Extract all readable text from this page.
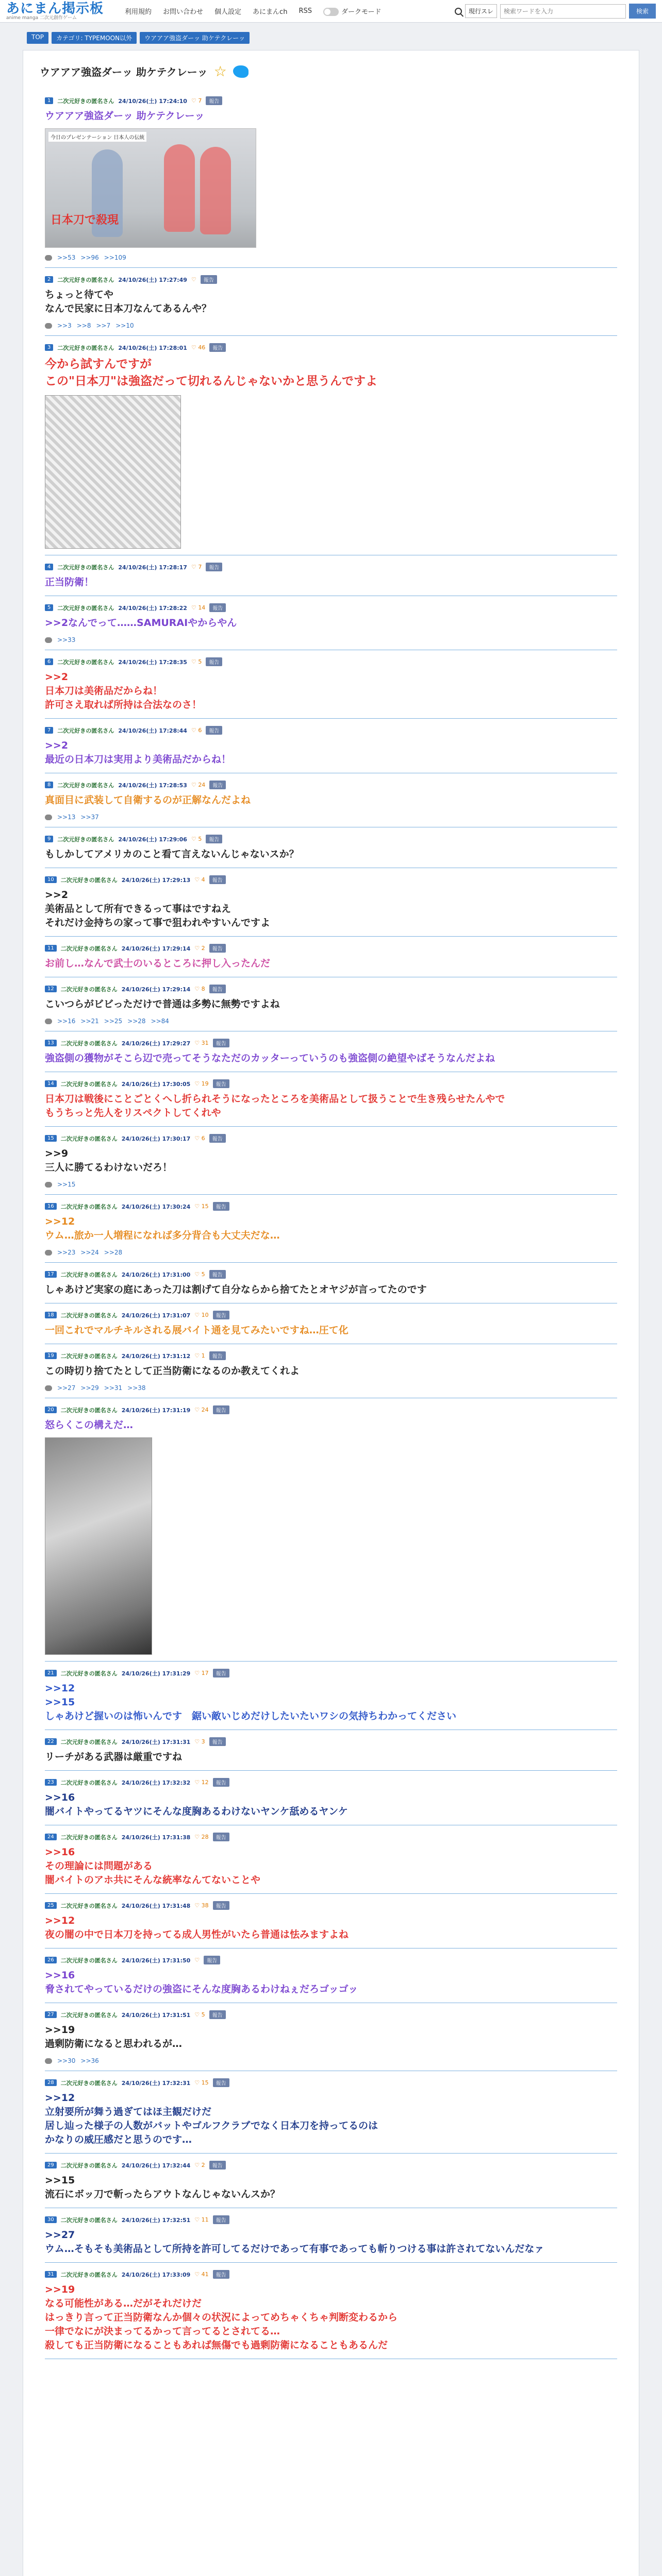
あにまん掲示板
anime manga 二次元創作ゲーム
利用規約 お問い合わせ 個人設定 あにまんch RSS	ダークモード	現行スレ
検索ワードを入力	検索
TOP	カテゴリ: TYPEMOON以外	ウアアア強盗ダーッ 助ケテクレーッ
ウアアア強盗ダーッ 助ケテクレーッ ☆
1	二次元好きの匿名さん 24/10/26(土) 17:24:10 ♡ 7	報告
ウアアア強盗ダーッ 助ケテクレーッ
今日のプレゼンテーション 日本人の伝統
日本刀で殺現
>>53 >>96 >>109
2	二次元好きの匿名さん 24/10/26(土) 17:27:49 ♡	報告
ちょっと待てや
なんで民家に日本刀なんてあるんや？
>>3 >>8 >>7 >>10
3	二次元好きの匿名さん 24/10/26(土) 17:28:01 ♡ 46	報告
今から試すんですが
この"日本刀"は強盗だって切れるんじゃないかと思うんですよ
4	二次元好きの匿名さん 24/10/26(土) 17:28:17 ♡ 7	報告
正当防衛！
5	二次元好きの匿名さん 24/10/26(土) 17:28:22 ♡ 14	報告
>>2なんでって……SAMURAIやからやん
>>33
6	二次元好きの匿名さん 24/10/26(土) 17:28:35 ♡ 5	報告
>>2
日本刀は美術品だからね！
許可さえ取れば所持は合法なのさ！
7	二次元好きの匿名さん 24/10/26(土) 17:28:44 ♡ 6	報告
>>2
最近の日本刀は実用より美術品だからね！
8	二次元好きの匿名さん 24/10/26(土) 17:28:53 ♡ 24	報告
真面目に武装して自衛するのが正解なんだよね
>>13 >>37
9	二次元好きの匿名さん 24/10/26(土) 17:29:06 ♡ 5	報告
もしかしてアメリカのこと看て言えないんじゃないスか？
10	二次元好きの匿名さん 24/10/26(土) 17:29:13 ♡ 4	報告
>>2
美術品として所有できるって事はですねえ
それだけ金持ちの家って事で狙われやすいんですよ
11	二次元好きの匿名さん 24/10/26(土) 17:29:14 ♡ 2	報告
お前し…なんで武士のいるところに押し入ったんだ
12	二次元好きの匿名さん 24/10/26(土) 17:29:14 ♡ 8	報告
こいつらがビビっただけで普通は多勢に無勢ですよね
>>16 >>21 >>25 >>28 >>84
13	二次元好きの匿名さん 24/10/26(土) 17:29:27 ♡ 31	報告
強盗側の獲物がそこら辺で売ってそうなただのカッターっていうのも強盗側の絶望やばそうなんだよね
14	二次元好きの匿名さん 24/10/26(土) 17:30:05 ♡ 19	報告
日本刀は戦後にことごとくへし折られそうになったところを美術品として扱うことで生き残らせたんやで
もうちっと先人をリスペクトしてくれや
15	二次元好きの匿名さん 24/10/26(土) 17:30:17 ♡ 6	報告
>>9
三人に勝てるわけないだろ！
>>15
16	二次元好きの匿名さん 24/10/26(土) 17:30:24 ♡ 15	報告
>>12
ウム…旅か一人増程になれば多分背合も大丈夫だな…
>>23 >>24 >>28
17	二次元好きの匿名さん 24/10/26(土) 17:31:00 ♡ 5	報告
しゃあけど実家の庭にあった刀は割げて自分ならから捨てたとオヤジが言ってたのです
18	二次元好きの匿名さん 24/10/26(土) 17:31:07 ♡ 10	報告
一回これでマルチキルされる展バイト通を見てみたいですね…圧て化
19	二次元好きの匿名さん 24/10/26(土) 17:31:12 ♡ 1	報告
この時切り捨てたとして正当防衛になるのか教えてくれよ
>>27 >>29 >>31 >>38
20	二次元好きの匿名さん 24/10/26(土) 17:31:19 ♡ 24	報告
怒らくこの構えだ…
21	二次元好きの匿名さん 24/10/26(土) 17:31:29 ♡ 17	報告
>>12
>>15
しゃあけど握いのは怖いんです　鋸い敵いじめだけしたいたいワシの気持ちわかってください
22	二次元好きの匿名さん 24/10/26(土) 17:31:31 ♡ 3	報告
リーチがある武器は厳重ですね
23	二次元好きの匿名さん 24/10/26(土) 17:32:32 ♡ 12	報告
>>16
闇バイトやってるヤツにそんな度胸あるわけないヤンケ舐めるヤンケ
24	二次元好きの匿名さん 24/10/26(土) 17:31:38 ♡ 28	報告
>>16
その理論には問題がある
闇バイトのアホ共にそんな統率なんてないことや
25	二次元好きの匿名さん 24/10/26(土) 17:31:48 ♡ 38	報告
>>12
夜の闇の中で日本刀を持ってる成人男性がいたら普通は怯みますよね
26	二次元好きの匿名さん 24/10/26(土) 17:31:50 ♡	報告
>>16
脅されてやっているだけの強盗にそんな度胸あるわけねぇだろゴッゴッ
27	二次元好きの匿名さん 24/10/26(土) 17:31:51 ♡ 5	報告
>>19
過剰防衛になると思われるが…
>>30 >>36
28	二次元好きの匿名さん 24/10/26(土) 17:32:31 ♡ 15	報告
>>12
立射要所が舞う過ぎてはほ主観だけだ
居し辿った様子の人数がバットやゴルフクラブでなく日本刀を持ってるのは
かなりの威圧感だと思うのです…
29	二次元好きの匿名さん 24/10/26(土) 17:32:44 ♡ 2	報告
>>15
流石にボッ刀で斬ったらアウトなんじゃないんスか？
30	二次元好きの匿名さん 24/10/26(土) 17:32:51 ♡ 11	報告
>>27
ウム…そもそも美術品として所持を許可してるだけであって有事であっても斬りつける事は許されてないんだなァ
31	二次元好きの匿名さん 24/10/26(土) 17:33:09 ♡ 41	報告
>>19
なる可能性がある…だがそれだけだ
はっきり言って正当防衛なんか個々の状況によってめちゃくちゃ判断変わるから
一律でなにが決まってるかって言ってるとされてる…
殺しても正当防衛になることもあれば無傷でも過剰防衛になることもあるんだ
